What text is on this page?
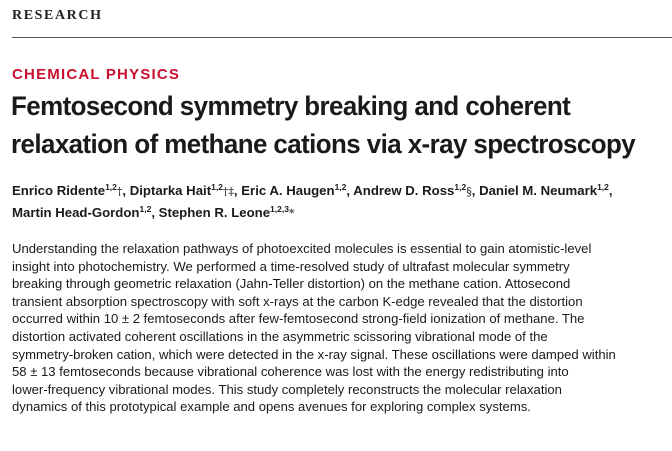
RESEARCH
CHEMICAL PHYSICS
Femtosecond symmetry breaking and coherent
relaxation of methane cations via x-ray spectroscopy
Enrico Ridente$^{1,2}$†, Diptarka Hait$^{1,2}$†‡, Eric A. Haugen$^{1,2}$, Andrew D. Ross$^{1,2}$§, Daniel M. Neumark$^{1,2}$,
Martin Head-Gordon$^{1,2}$, Stephen R. Leone$^{1,2,3}$*
Understanding the relaxation pathways of photoexcited molecules is essential to gain atomistic-level
insight into photochemistry. We performed a time-resolved study of ultrafast molecular symmetry
breaking through geometric relaxation (Jahn-Teller distortion) on the methane cation. Attosecond
transient absorption spectroscopy with soft x-rays at the carbon K-edge revealed that the distortion
occurred within 10 ± 2 femtoseconds after few-femtosecond strong-field ionization of methane. The
distortion activated coherent oscillations in the asymmetric scissoring vibrational mode of the
symmetry-broken cation, which were detected in the x-ray signal. These oscillations were damped within
58 ± 13 femtoseconds because vibrational coherence was lost with the energy redistributing into
lower-frequency vibrational modes. This study completely reconstructs the molecular relaxation
dynamics of this prototypical example and opens avenues for exploring complex systems.
